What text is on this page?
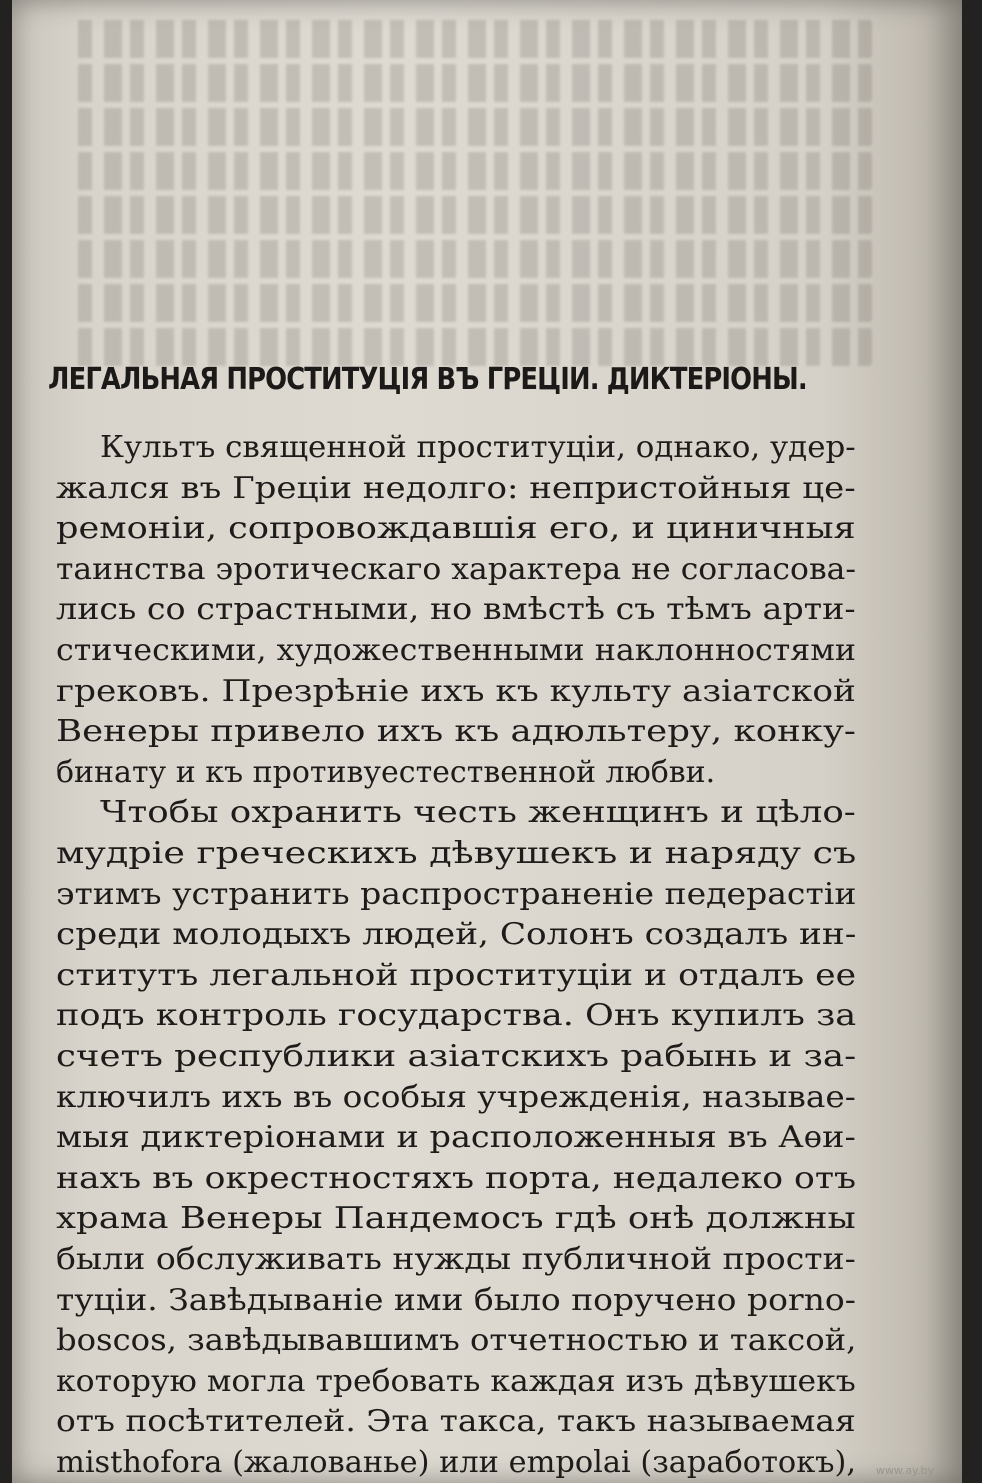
ЛЕГАЛЬНАЯ ПРОСТИТУЦІЯ ВЪ ГРЕЦІИ. ДИКТЕРІОНЫ.
Культъ священной проституціи, однако, удер-
жался въ Греціи недолго: непристойныя це-
ремоніи, сопровождавшія его, и циничныя
таинства эротическаго характера не согласова-
лись со страстными, но вмѣстѣ съ тѣмъ арти-
стическими, художественными наклонностями
грековъ. Презрѣніе ихъ къ культу азіатской
Венеры привело ихъ къ адюльтеру, конку-
бинату и къ противуестественной любви.
Чтобы охранить честь женщинъ и цѣло-
мудріе греческихъ дѣвушекъ и наряду съ
этимъ устранить распространеніе педерастіи
среди молодыхъ людей, Солонъ создалъ ин-
ститутъ легальной проституціи и отдалъ ее
подъ контроль государства. Онъ купилъ за
счетъ республики азіатскихъ рабынь и за-
ключилъ ихъ въ особыя учрежденія, называе-
мыя диктеріонами и расположенныя въ Аѳи-
нахъ въ окрестностяхъ порта, недалеко отъ
храма Венеры Пандемосъ гдѣ онѣ должны
были обслуживать нужды публичной прости-
туціи. Завѣдываніе ими было поручено porno-
boscos, завѣдывавшимъ отчетностью и таксой,
которую могла требовать каждая изъ дѣвушекъ
отъ посѣтителей. Эта такса, такъ называемая
misthofora (жалованье) или empolai (заработокъ), www.ay.by
